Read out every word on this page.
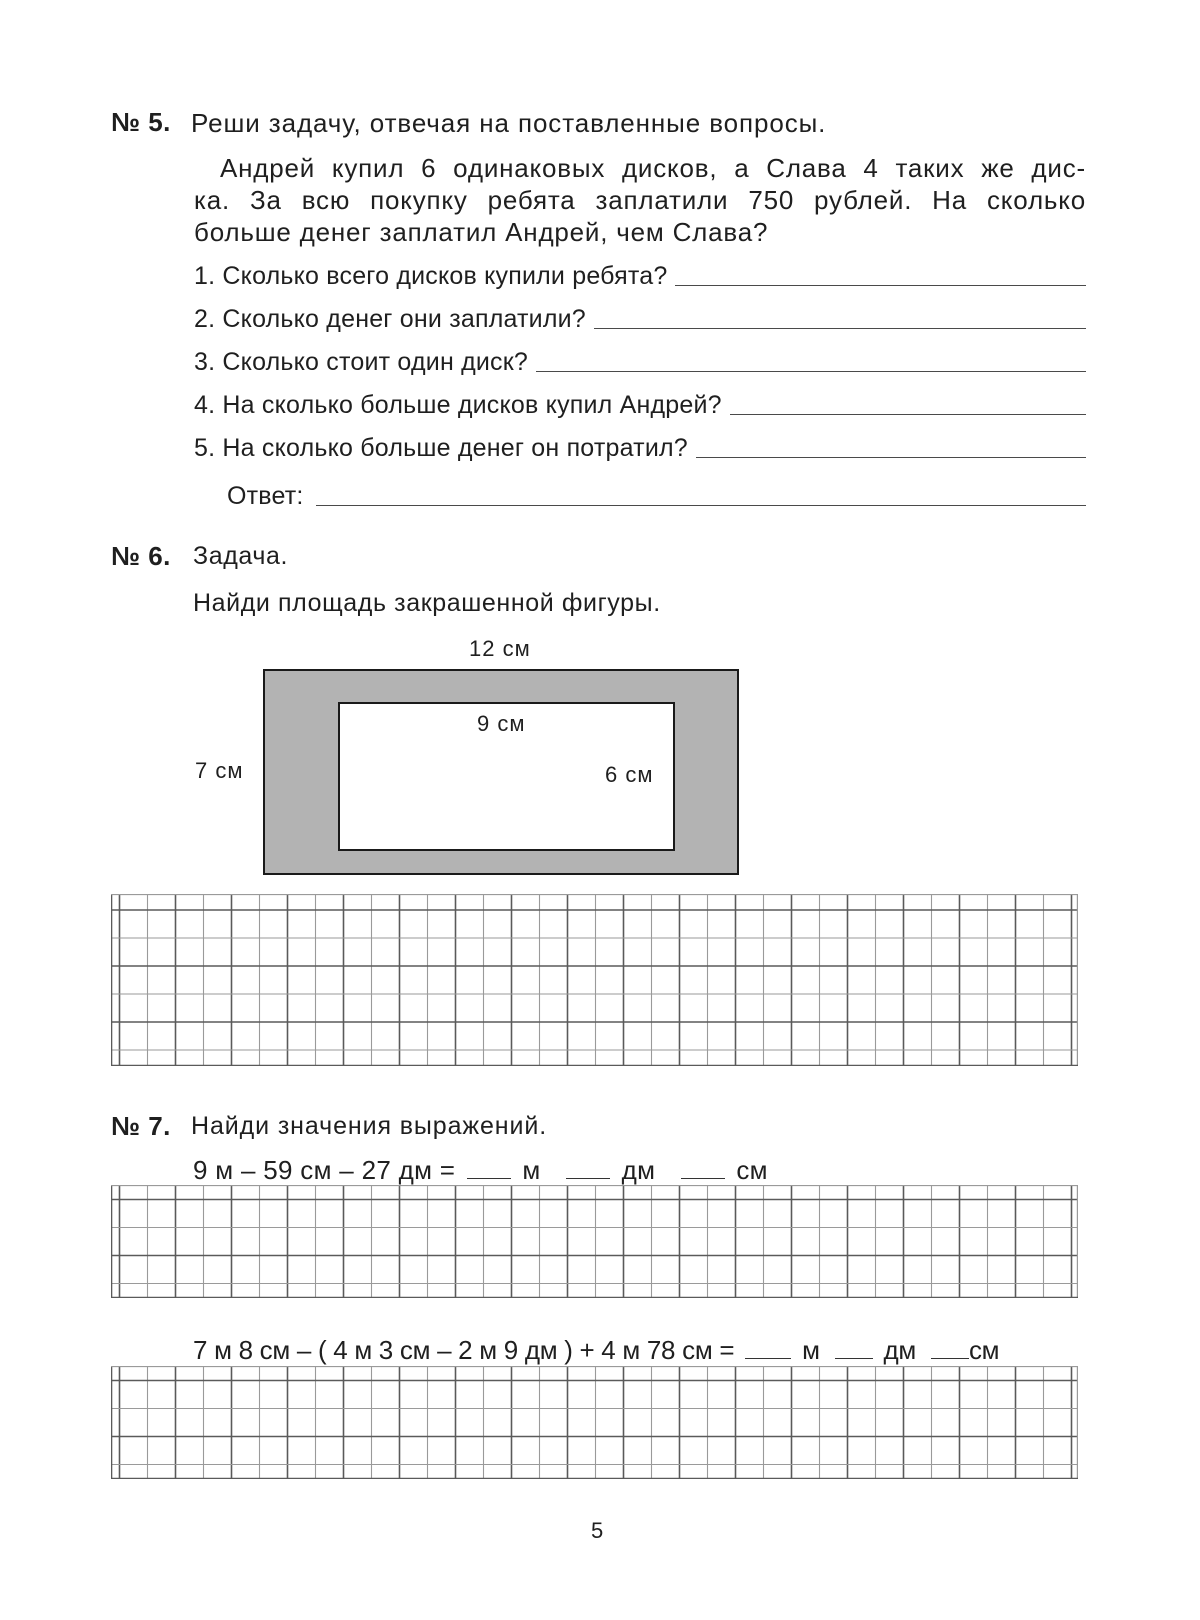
№ 5. Реши задачу, отвечая на поставленные вопросы.
Андрей купил 6 одинаковых дисков, а Слава 4 таких же дис-
ка. За всю покупку ребята заплатили 750 рублей. На сколько
больше денег заплатил Андрей, чем Слава?
1. Сколько всего дисков купили ребята?
2. Сколько денег они заплатили?
3. Сколько стоит один диск?
4. На сколько больше дисков купил Андрей?
5. На сколько больше денег он потратил?
Ответ:
№ 6. Задача.
Найди площадь закрашенной фигуры.
12 см
7 см
9 см
6 см
№ 7. Найди значения выражений.
9 м – 59 см – 27 дм =	м	дм	см
7 м 8 см – ( 4 м 3 см – 2 м 9 дм ) + 4 м 78 см =	м дм см
5
